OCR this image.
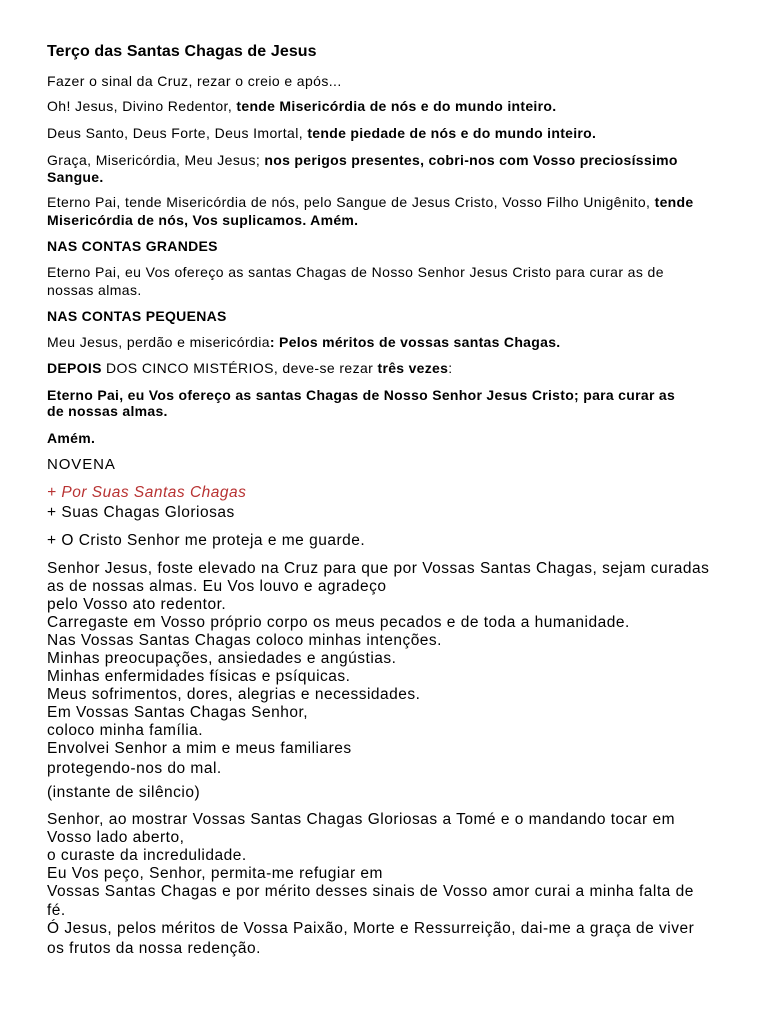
Terço das Santas Chagas de Jesus
Fazer o sinal da Cruz, rezar o creio e após...
Oh! Jesus, Divino Redentor, tende Misericórdia de nós e do mundo inteiro.
Deus Santo, Deus Forte, Deus Imortal, tende piedade de nós e do mundo inteiro.
Graça, Misericórdia, Meu Jesus; nos perigos presentes, cobri-nos com Vosso preciosíssimo
Sangue.
Eterno Pai, tende Misericórdia de nós, pelo Sangue de Jesus Cristo, Vosso Filho Unigênito, tende
Misericórdia de nós, Vos suplicamos. Amém.
NAS CONTAS GRANDES
Eterno Pai, eu Vos ofereço as santas Chagas de Nosso Senhor Jesus Cristo para curar as de
nossas almas.
NAS CONTAS PEQUENAS
Meu Jesus, perdão e misericórdia: Pelos méritos de vossas santas Chagas.
DEPOIS DOS CINCO MISTÉRIOS, deve-se rezar três vezes:
Eterno Pai, eu Vos ofereço as santas Chagas de Nosso Senhor Jesus Cristo; para curar as
de nossas almas.
Amém.
NOVENA
+ Por Suas Santas Chagas
+ Suas Chagas Gloriosas
+ O Cristo Senhor me proteja e me guarde.
Senhor Jesus, foste elevado na Cruz para que por Vossas Santas Chagas, sejam curadas
as de nossas almas. Eu Vos louvo e agradeço
pelo Vosso ato redentor.
Carregaste em Vosso próprio corpo os meus pecados e de toda a humanidade.
Nas Vossas Santas Chagas coloco minhas intenções.
Minhas preocupações, ansiedades e angústias.
Minhas enfermidades físicas e psíquicas.
Meus sofrimentos, dores, alegrias e necessidades.
Em Vossas Santas Chagas Senhor,
coloco minha família.
Envolvei Senhor a mim e meus familiares
protegendo-nos do mal.
(instante de silêncio)
Senhor, ao mostrar Vossas Santas Chagas Gloriosas a Tomé e o mandando tocar em
Vosso lado aberto,
o curaste da incredulidade.
Eu Vos peço, Senhor, permita-me refugiar em
Vossas Santas Chagas e por mérito desses sinais de Vosso amor curai a minha falta de
fé.
Ó Jesus, pelos méritos de Vossa Paixão, Morte e Ressurreição, dai-me a graça de viver
os frutos da nossa redenção.
